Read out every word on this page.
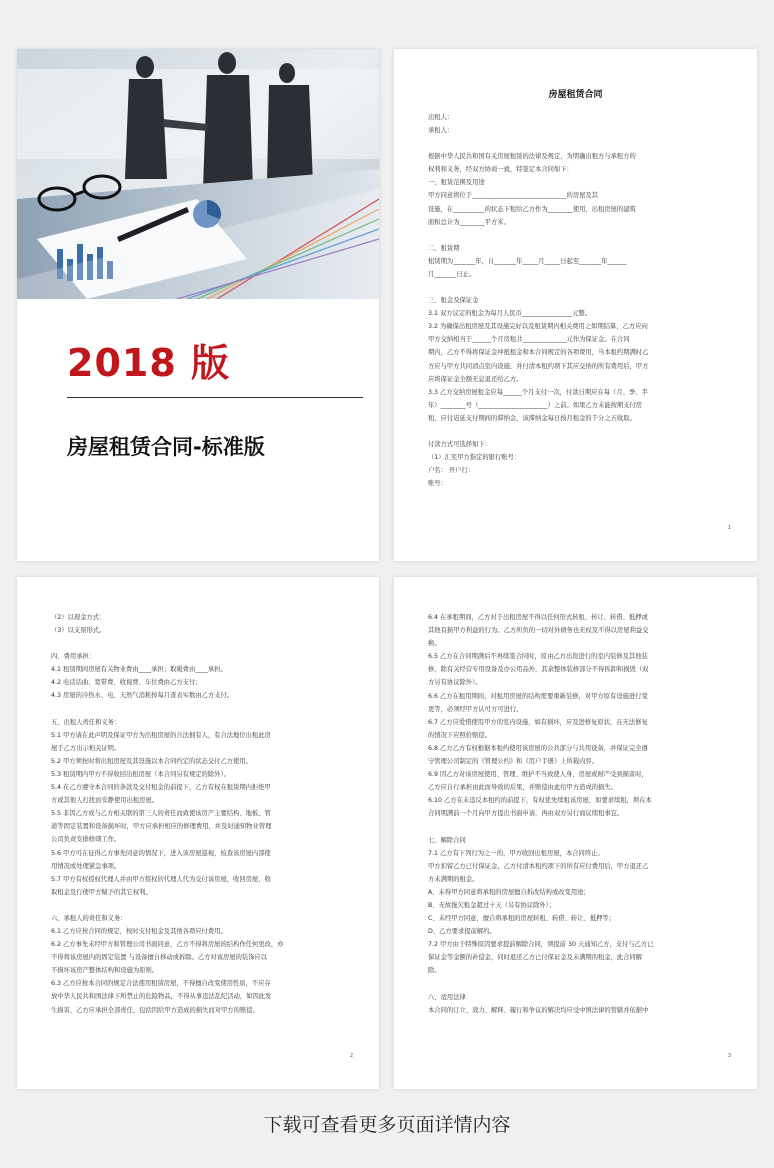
2018 版
房屋租赁合同-标准版
房屋租赁合同

出租人：

承租人：

根据中华人民共和国有关房屋租赁的法律及规定，为明确出租方与承租方的

权利和义务，经双方协商一致，特签定本合同如下：

一、租赁范围及用途

甲方同意将位于______________________________的房屋及其

设施，在__________的状态下租给乙方作为________使用，出租房屋的建筑

面积总计为________平方米。

二、租赁期

租赁期为_______年，自_______年_____月_____日起至_______年______

月_______日止。

三、租金及保证金

3.1 双方议定的租金为每月人民币________________元整。

3.2 为确保出租房屋及其设施完好以及租赁期内相关费用之如期结算，乙方应向

甲方交纳相当于______个月房租共______________元作为保证金。在合同

期内，乙方不得将保证金冲抵租金和本合同规定的各项费用，当本租约期满时乙

方应与甲方共同清点室内设施，并付清本租约项下其应交纳的所有费用后，甲方

应将保证金全额无息退还给乙方。

3.3 乙方交纳房屋租金应每______个月支付一次，付款日期应在每（月、季、半

年）________号（______________________）之前。如果乙方未能按期支付房

租，应付迟延支付期间的滞纳金，该滞纳金每日按月租金的千分之五收取。

付款方式可选择如下：

（1）汇至甲方指定的银行账号：

户名： 开户行：

账号：

1

（2）以现金方式：

（3）以支票形式。

四、费用承担：

4.1 租赁期间房屋有关物业费由____承担；取暖费由____承担。

4.2 电话话曲、宽带费、收视费、车位费由乙方支付；

4.3 房屋的冷热水、电、天然气消耗按每月查表实数由乙方支付。

五、出租人责任和义务：

5.1 甲方请在此声明及保证甲方为出租房屋的合法拥有人，有合法地位出租此房

屋于乙方出示相关证明。

5.2 甲方须按时将出租房屋及其设施以本合同约定的状态交付乙方使用。

5.3 租赁期内甲方不得收回出租房屋（本合同另有规定的除外）。

5.4 在乙方遵守本合同的条款及交付租金的前提下，乙方有权在租赁期内拒绝甲

方或其他人打扰而安静使用出租房屋。

5.5 非因乙方或与乙方相关联的第三人的责任而致使该房产主要结构、地板、管

道等固定装置和设备损坏时，甲方应承担相应的修理费用，并及时通知物业管理

公司负责安排修缮工作。

5.6 甲方可在征得乙方事先同意的情况下，进入该房屋巡视，检查该房屋内部使

用情况或处理紧急事项。

5.7 甲方有权授权代理人并由甲方授权的代理人代为交付该房屋，收回房屋，收

取租金及行使甲方赋予的其它权利。

六、承租人的责任和义务：

6.1 乙方应按合同的规定，按时支付租金及其他各项应付费用。

6.2 乙方事先未经甲方和管理公司书面同意，乙方不得将房屋的结构作任何更改，亦

不得将该房屋内的固定装置 与设备擅自移动或拆除。乙方对该房屋的装饰应以

不损坏该房产整体结构和设施为原则。

6.3 乙方应按本合同的规定合法使用租赁房屋，不得擅自改变使用性质，不应存

放中华人民共和国法律下所禁止的危险物品，不得从事违法乱纪活动，如因此发

生损害，乙方应承担全部责任，包括因给甲方造成的损失而对甲方的赔偿。

2

6.4 在承租期间，乙方对于出租房屋不得以任何形式转租、转让、转借、抵押或

其他有损甲方利益的行为。乙方所负的一切对外债务也无权及不得以房屋利益交

换。

6.5 乙方在合同期满后不再续签合同时，原由乙方出资进行的室内装修及其他装

修，除有关经营专用设备及办公用品外，其余整体装修部分不得拆卸和损毁（双

方另有协议除外）。

6.6 乙方在租用期间，对租用房屋的结构需要重新装修，对甲方原有设施进行变

更等，必须经甲方认可方可进行。

6.7 乙方应爱惜使用甲方的室内设施，如有损坏，应及进修复原状，在无法修复

的情况下应照价赔偿。

6.8 乙方乙方有权根据本租约使用该房屋的公共部分与共用设备，并保证完全遵

守管理公司制定的《管理公约》和《用户手册》上所载内容。

6.9 因乙方对该房屋使用、管理、维护不当致使人身、房屋或财产受到损害时，

乙方应自行承担由此而导致的后果，并赔偿由此给甲方造成的损失。

6.10 乙方在未违反本租约的前提下，有权优先续租该房屋，如要求续租，须在本

合同期满前一个月向甲方提出书面申请，再由双方另行商议续租事宜。

七、解除合同

7.1 乙方有下列行为之一的，甲方收回出租房屋，本合同终止。

甲方扣留乙方已付保证金，乙方付清本租约项下的所有应付费用后，甲方退还乙

方未满期的租金。

A、未得甲方同意将承租的房屋擅自拆改结构或改变用途；

B、无故拖欠租金超过十天（另有协议除外）；

C、未经甲方同意，擅自将承租的房屋转租、转借、转让、抵押等；

D、乙方要求提前解约。

7.2 甲方由于特殊原因要求提前解除合同，须提前 30 天通知乙方，支付与乙方已

保证金等金额的补偿金，同时退还乙方已付保证金及未满期的租金，此合同解

除。

八、适用法律

本合同的订立、效力、解释、履行和争议的解决均应受中国法律的管辖并依据中

3
下载可查看更多页面详情内容
